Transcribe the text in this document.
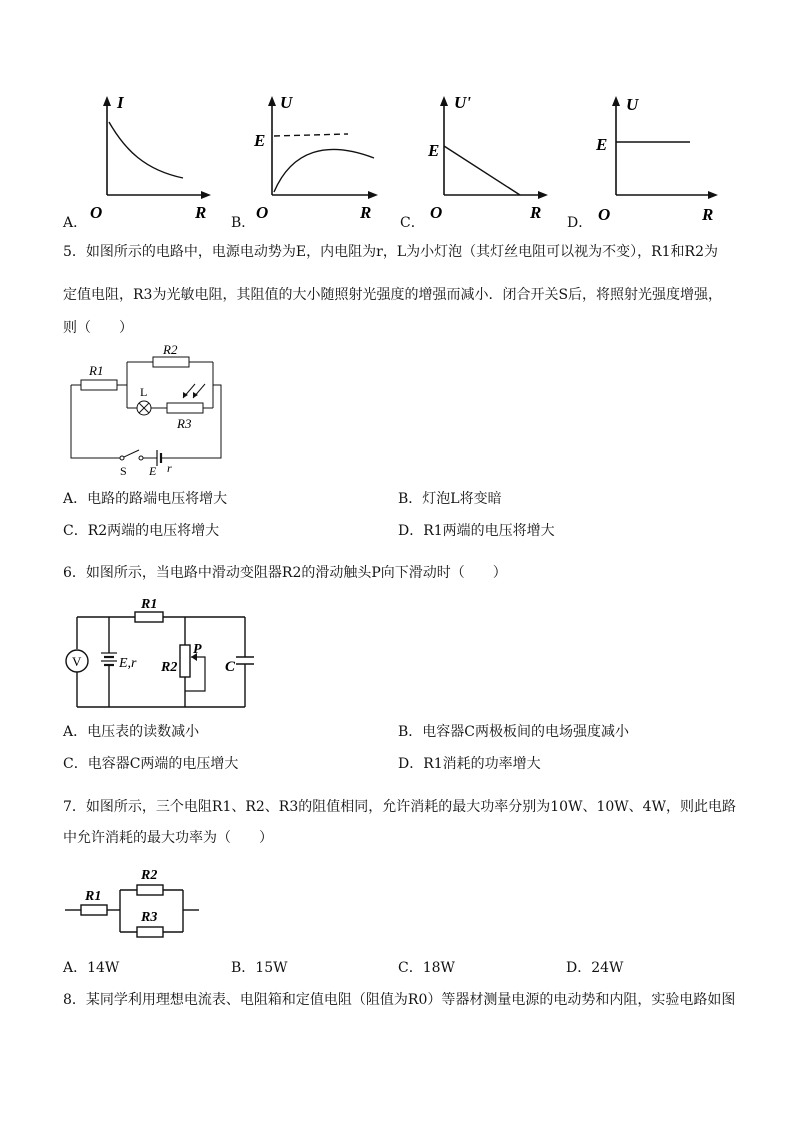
A．
I
O	R
B．
U
E
O	R
C．
U'
E
O	R
D．
U
E
O	R
5．如图所示的电路中，电源电动势为E，内电阻为r，L为小灯泡（其灯丝电阻可以视为不变），R1和R2为
定值电阻，R3为光敏电阻，其阻值的大小随照射光强度的增强而减小．闭合开关S后，将照射光强度增强，
则（　　）
R1
R2
R3
L
S E r
A．电路的路端电压将增大	B．灯泡L将变暗
C．R2两端的电压将增大	D．R1两端的电压将增大
6．如图所示，当电路中滑动变阻器R2的滑动触头P向下滑动时（　　）
V	E,r
P
R2	C
R1
A．电压表的读数减小	B．电容器C两极板间的电场强度减小
C．电容器C两端的电压增大	D．R1消耗的功率增大
7．如图所示，三个电阻R1、R2、R3的阻值相同，允许消耗的最大功率分别为10W、10W、4W，则此电路
中允许消耗的最大功率为（　　）
R1
R2
R3
A．14W	B．15W	C．18W	D．24W
8．某同学利用理想电流表、电阻箱和定值电阻（阻值为R0）等器材测量电源的电动势和内阻，实验电路如图
